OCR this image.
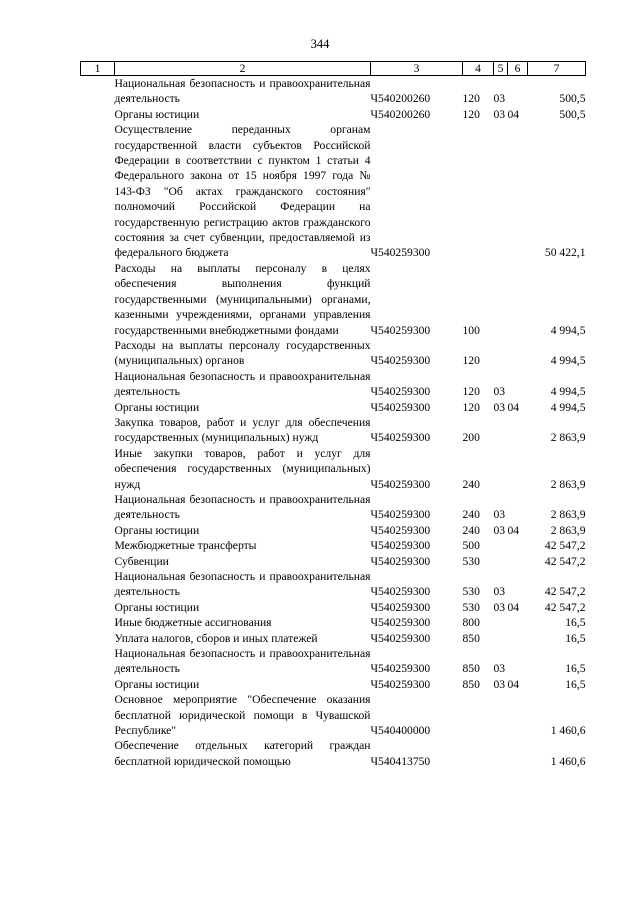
344
1	2	3	4	5	6	7
	Национальная безопасность и правоохранительная деятельность	Ч540200260	120	03		500,5
	Органы юстиции	Ч540200260	120	03	04	500,5
	Осуществление переданных органам государственной власти субъектов Российской Федерации в соответствии с пунктом 1 статьи 4 Федерального закона от 15 ноября 1997 года № 143-ФЗ "Об актах гражданского состояния" полномочий Российской Федерации на государственную регистрацию актов гражданского состояния за счет субвенции, предоставляемой из федерального бюджета	Ч540259300				50 422,1
	Расходы на выплаты персоналу в целях обеспечения выполнения функций государственными (муниципальными) органами, казенными учреждениями, органами управления государственными внебюджетными фондами	Ч540259300	100			4 994,5
	Расходы на выплаты персоналу государственных (муниципальных) органов	Ч540259300	120			4 994,5
	Национальная безопасность и правоохранительная деятельность	Ч540259300	120	03		4 994,5
	Органы юстиции	Ч540259300	120	03	04	4 994,5
	Закупка товаров, работ и услуг для обеспечения государственных (муниципальных) нужд	Ч540259300	200			2 863,9
	Иные закупки товаров, работ и услуг для обеспечения государственных (муниципальных) нужд	Ч540259300	240			2 863,9
	Национальная безопасность и правоохранительная деятельность	Ч540259300	240	03		2 863,9
	Органы юстиции	Ч540259300	240	03	04	2 863,9
	Межбюджетные трансферты	Ч540259300	500			42 547,2
	Субвенции	Ч540259300	530			42 547,2
	Национальная безопасность и правоохранительная деятельность	Ч540259300	530	03		42 547,2
	Органы юстиции	Ч540259300	530	03	04	42 547,2
	Иные бюджетные ассигнования	Ч540259300	800			16,5
	Уплата налогов, сборов и иных платежей	Ч540259300	850			16,5
	Национальная безопасность и правоохранительная деятельность	Ч540259300	850	03		16,5
	Органы юстиции	Ч540259300	850	03	04	16,5
	Основное мероприятие "Обеспечение оказания бесплатной юридической помощи в Чувашской Республике"	Ч540400000				1 460,6
	Обеспечение отдельных категорий граждан бесплатной юридической помощью	Ч540413750				1 460,6
